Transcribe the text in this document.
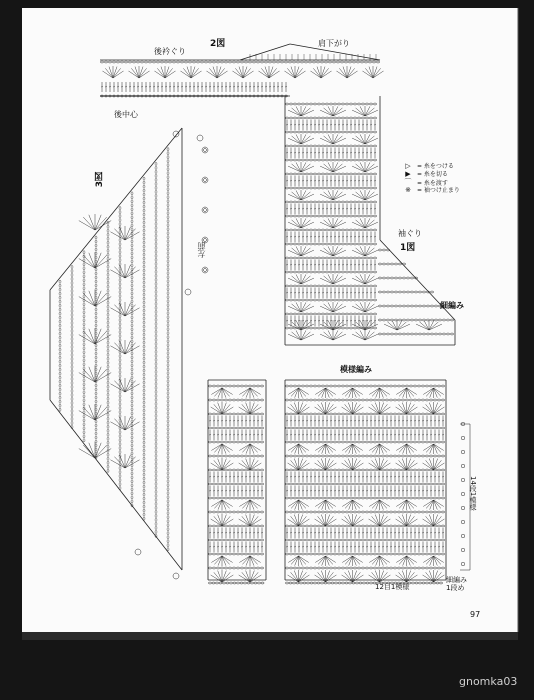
2図
後衿ぐり
肩下がり
後中心
▷	= 糸をつける
▶	= 糸を切る
⌒ = 糸を渡す
※	= 袖つけ止まり
袖ぐり
1図
細編み
模様編み
14段1模様
細編み
1段め
12目1模様
3図
左前
97
gnomka03
